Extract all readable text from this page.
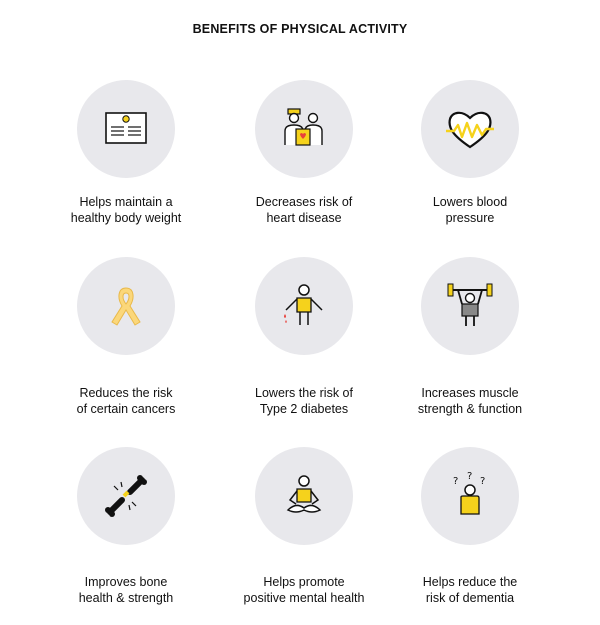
BENEFITS OF PHYSICAL ACTIVITY
Helps maintain a
healthy body weight
Decreases risk of
heart disease
Lowers blood
pressure
Reduces the risk
of certain cancers
Lowers the risk of
Type 2 diabetes
Increases muscle
strength & function
Improves bone
health & strength
Helps promote
positive mental health
? ? ?
Helps reduce the
risk of dementia
